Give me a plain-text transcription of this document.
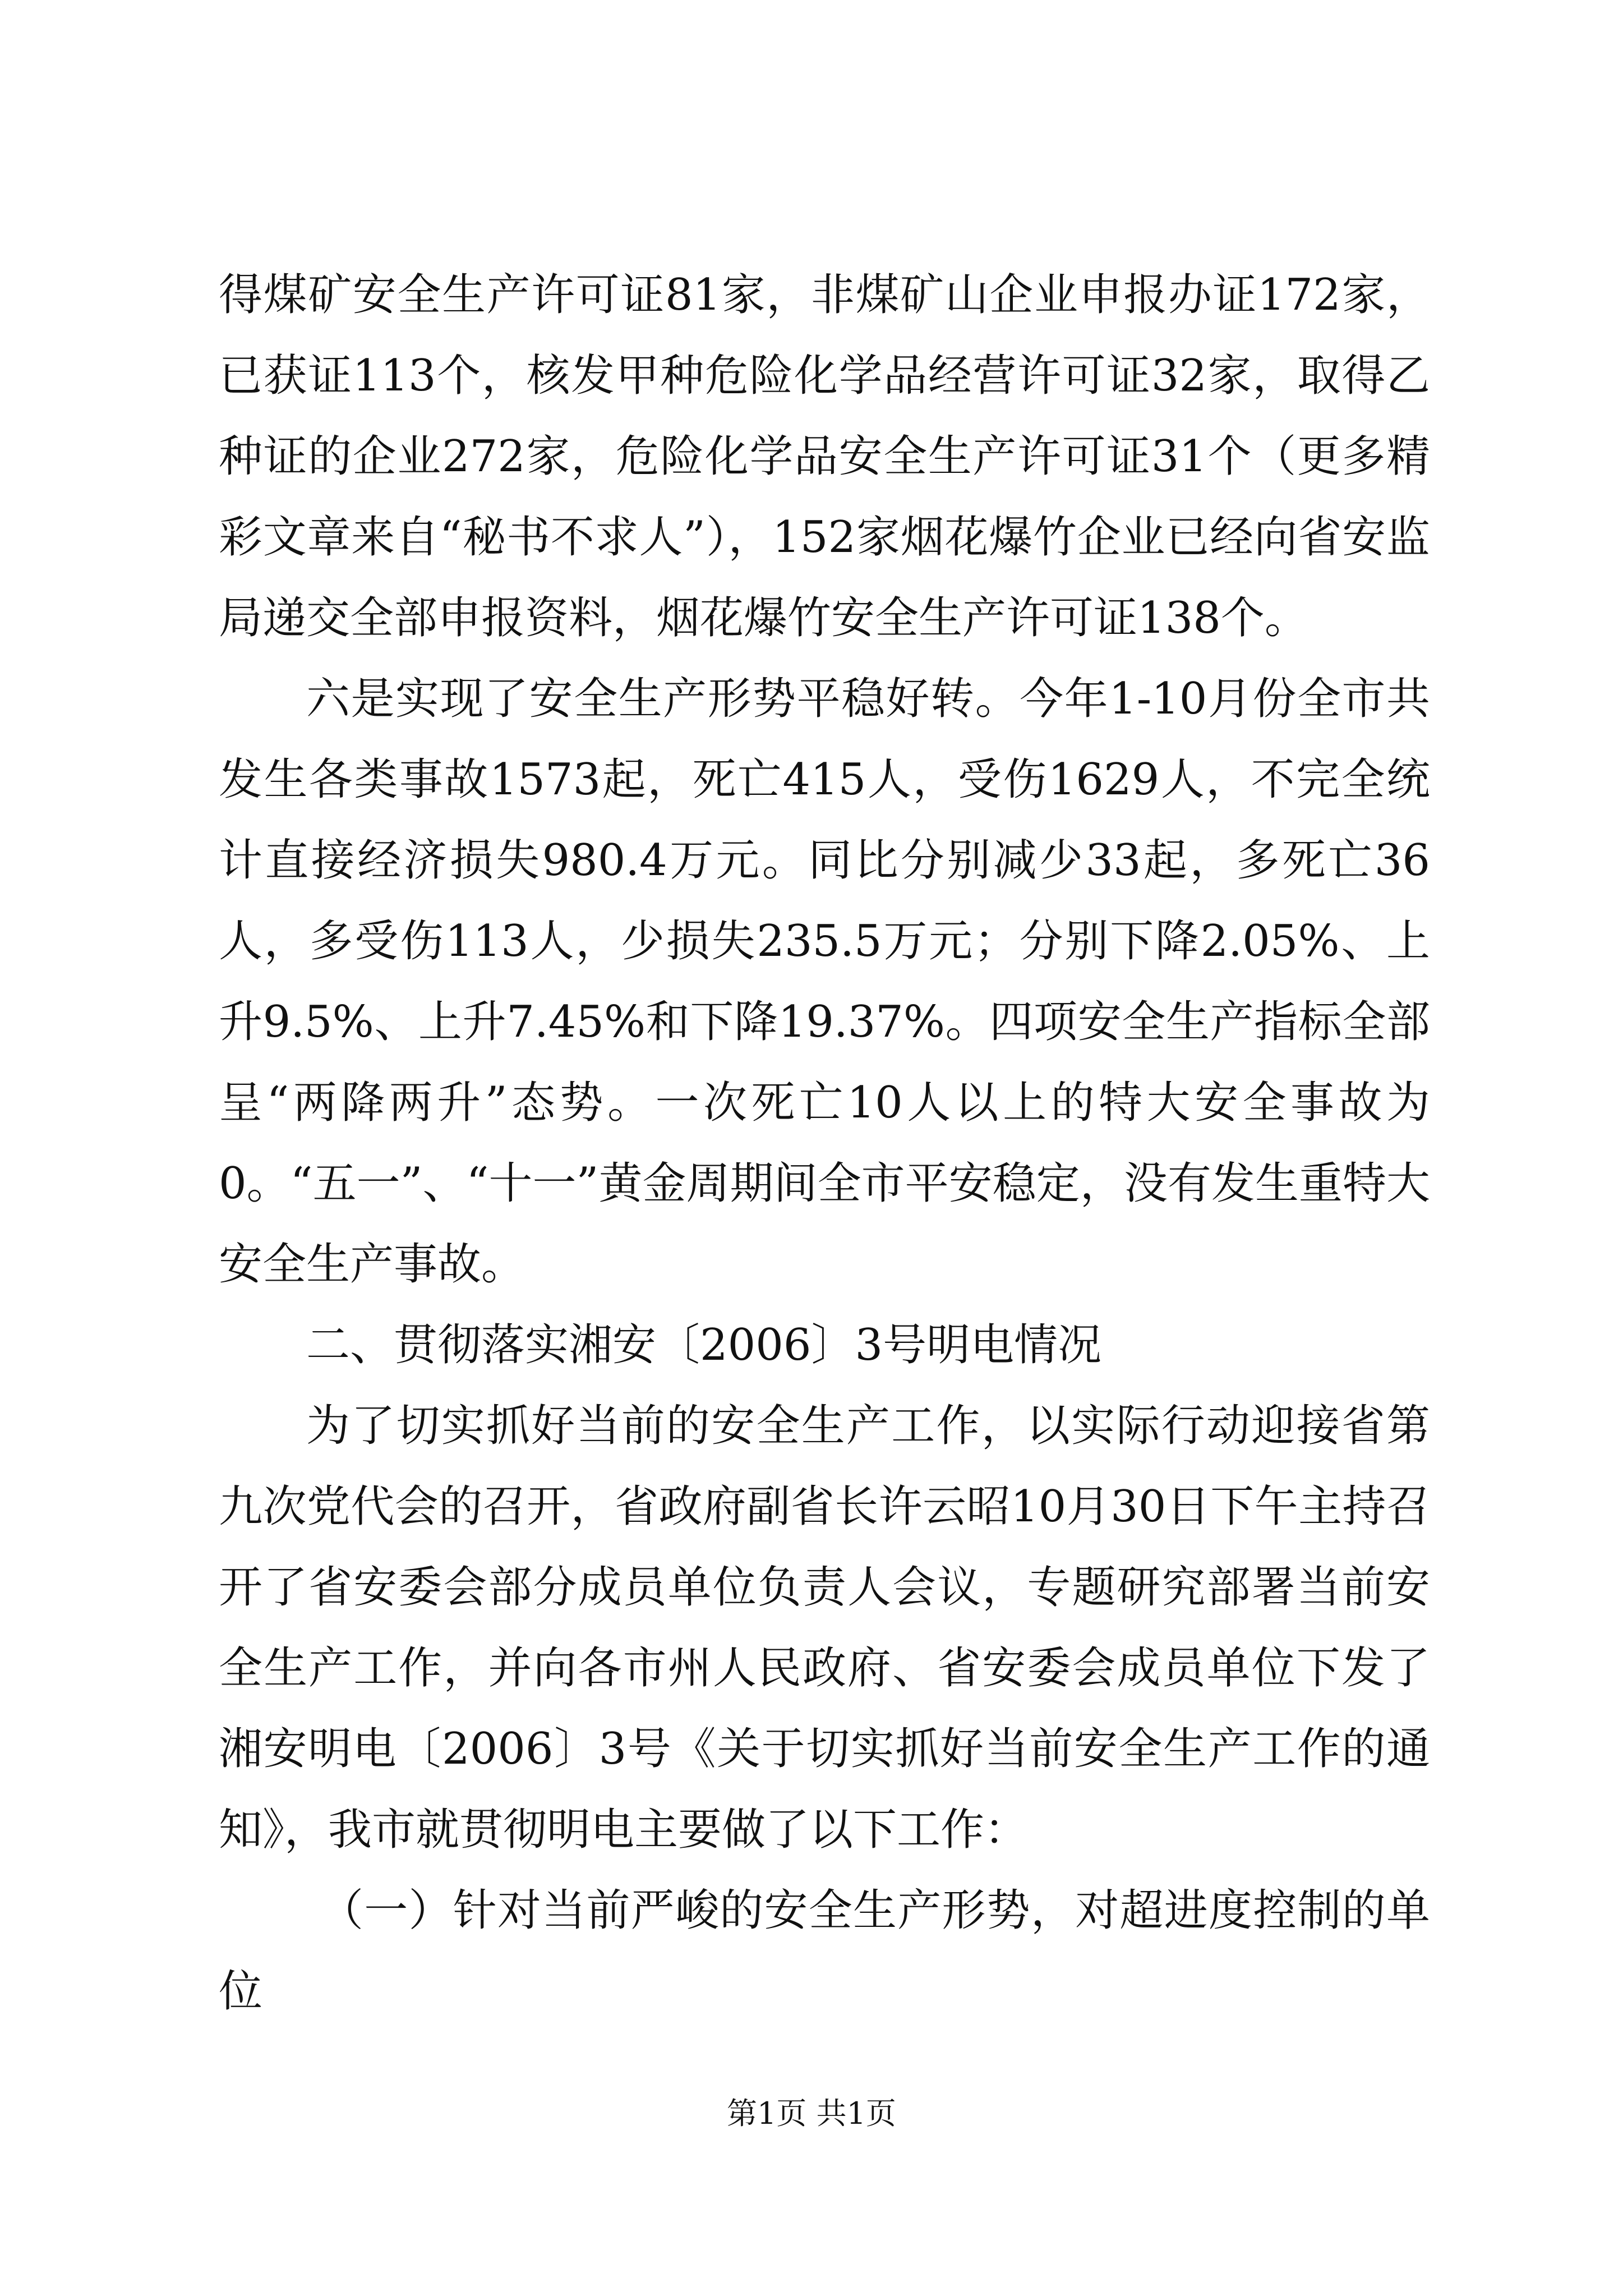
得煤矿安全生产许可证81家，非煤矿山企业申报办证172家，已获证113个，核发甲种危险化学品经营许可证32家，取得乙种证的企业272家，危险化学品安全生产许可证31个（更多精彩文章来自“秘书不求人”），152家烟花爆竹企业已经向省安监局递交全部申报资料，烟花爆竹安全生产许可证138个。

六是实现了安全生产形势平稳好转。今年1-10月份全市共发生各类事故1573起，死亡415人，受伤1629人，不完全统计直接经济损失980.4万元。同比分别减少33起，多死亡36人，多受伤113人，少损失235.5万元；分别下降2.05%、上升9.5%、上升7.45%和下降19.37%。四项安全生产指标全部呈“两降两升”态势。一次死亡10人以上的特大安全事故为0。“五一”、“十一”黄金周期间全市平安稳定，没有发生重特大安全生产事故。

二、贯彻落实湘安〔2006〕3号明电情况

为了切实抓好当前的安全生产工作，以实际行动迎接省第九次党代会的召开，省政府副省长许云昭10月30日下午主持召开了省安委会部分成员单位负责人会议，专题研究部署当前安全生产工作，并向各市州人民政府、省安委会成员单位下发了湘安明电〔2006〕3号《关于切实抓好当前安全生产工作的通知》，我市就贯彻明电主要做了以下工作：

（一）针对当前严峻的安全生产形势，对超进度控制的单位

第1页 共1页
